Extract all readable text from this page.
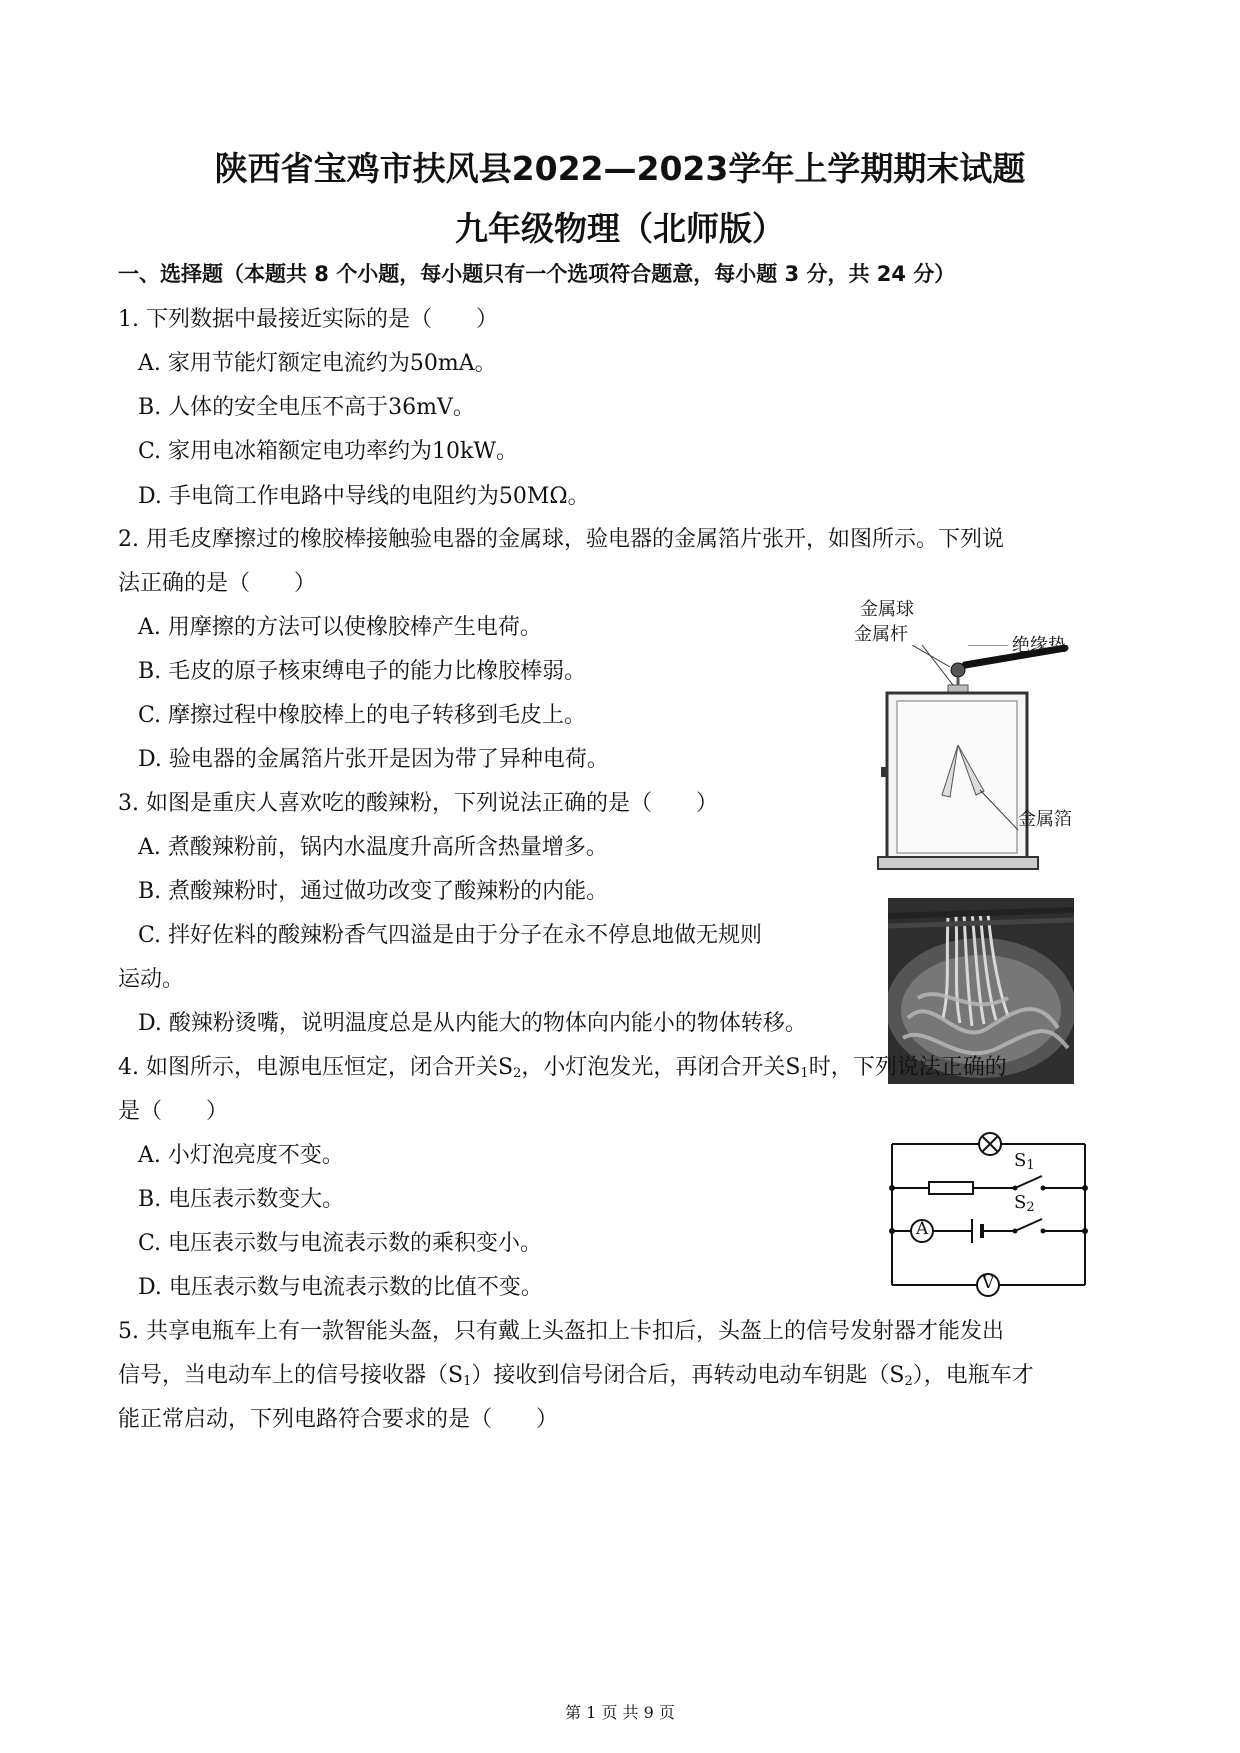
陕西省宝鸡市扶风县2022—2023学年上学期期末试题
九年级物理（北师版）
一、选择题（本题共 8 个小题，每小题只有一个选项符合题意，每小题 3 分，共 24 分）
1. 下列数据中最接近实际的是（　　）
A. 家用节能灯额定电流约为50mA。
B. 人体的安全电压不高于36mV。
C. 家用电冰箱额定电功率约为10kW。
D. 手电筒工作电路中导线的电阻约为50MΩ。
2. 用毛皮摩擦过的橡胶棒接触验电器的金属球，验电器的金属箔片张开，如图所示。下列说
法正确的是（　　）
A. 用摩擦的方法可以使橡胶棒产生电荷。
B. 毛皮的原子核束缚电子的能力比橡胶棒弱。
C. 摩擦过程中橡胶棒上的电子转移到毛皮上。
D. 验电器的金属箔片张开是因为带了异种电荷。
金属球
金属杆
绝缘垫
金属箔
3. 如图是重庆人喜欢吃的酸辣粉，下列说法正确的是（　　）
A. 煮酸辣粉前，锅内水温度升高所含热量增多。
B. 煮酸辣粉时，通过做功改变了酸辣粉的内能。
C. 拌好佐料的酸辣粉香气四溢是由于分子在永不停息地做无规则
运动。
D. 酸辣粉烫嘴，说明温度总是从内能大的物体向内能小的物体转移。
4. 如图所示，电源电压恒定，闭合开关$S_2$，小灯泡发光，再闭合开关$S_1$时，下列说法正确的
是（　　）
A. 小灯泡亮度不变。
B. 电压表示数变大。
C. 电压表示数与电流表示数的乘积变小。
D. 电压表示数与电流表示数的比值不变。
A
V
$S_1$
$S_2$
5. 共享电瓶车上有一款智能头盔，只有戴上头盔扣上卡扣后，头盔上的信号发射器才能发出
信号，当电动车上的信号接收器$(S_1)$接收到信号闭合后，再转动电动车钥匙$(S_2)$，电瓶车才
能正常启动，下列电路符合要求的是（　　）
第 1 页 共 9 页
